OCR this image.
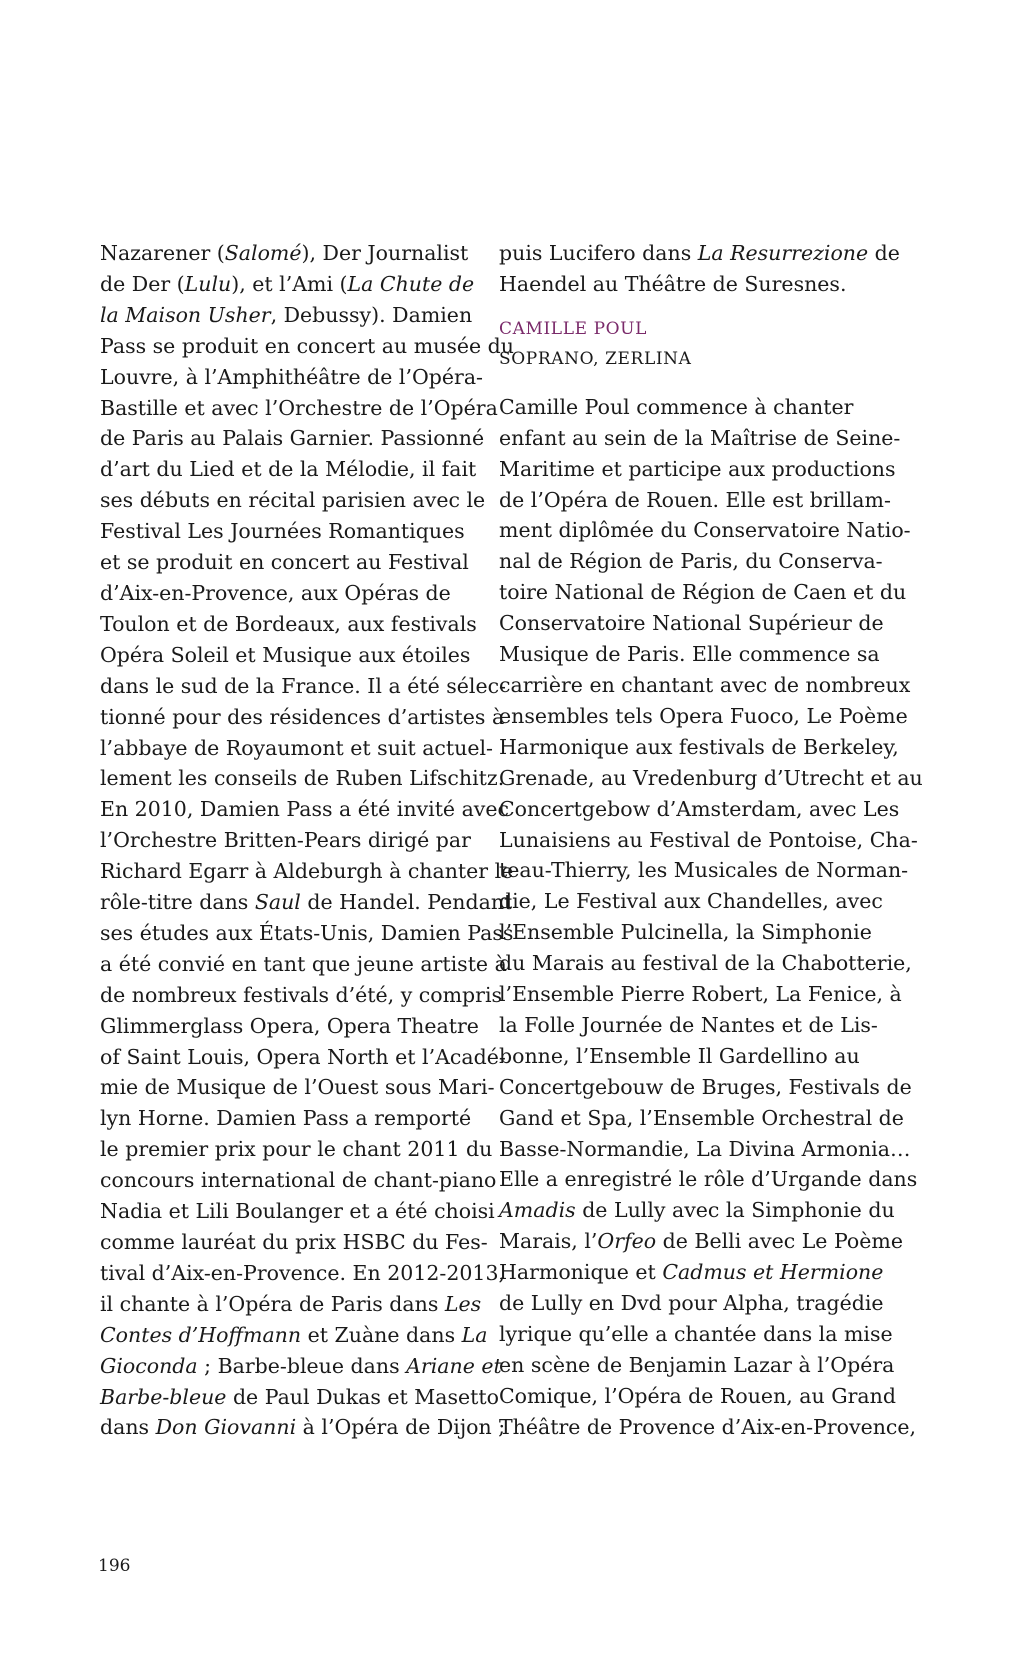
Nazarener (Salomé), Der Journalist
de Der (Lulu), et l’Ami (La Chute de
la Maison Usher, Debussy). Damien
Pass se produit en concert au musée du
Louvre, à l’Amphithéâtre de l’Opéra-
Bastille et avec l’Orchestre de l’Opéra
de Paris au Palais Garnier. Passionné
d’art du Lied et de la Mélodie, il fait
ses débuts en récital parisien avec le
Festival Les Journées Romantiques
et se produit en concert au Festival
d’Aix-en-Provence, aux Opéras de
Toulon et de Bordeaux, aux festivals
Opéra Soleil et Musique aux étoiles
dans le sud de la France. Il a été sélec-
tionné pour des résidences d’artistes à
l’abbaye de Royaumont et suit actuel-
lement les conseils de Ruben Lifschitz.
En 2010, Damien Pass a été invité avec
l’Orchestre Britten-Pears dirigé par
Richard Egarr à Aldeburgh à chanter le
rôle-titre dans Saul de Handel. Pendant
ses études aux États-Unis, Damien Pass
a été convié en tant que jeune artiste à
de nombreux festivals d’été, y compris
Glimmerglass Opera, Opera Theatre
of Saint Louis, Opera North et l’Acadé-
mie de Musique de l’Ouest sous Mari-
lyn Horne. Damien Pass a remporté
le premier prix pour le chant 2011 du
concours international de chant-piano
Nadia et Lili Boulanger et a été choisi
comme lauréat du prix HSBC du Fes-
tival d’Aix-en-Provence. En 2012-2013,
il chante à l’Opéra de Paris dans Les
Contes d’Hoffmann et Zuàne dans La
Gioconda ; Barbe-bleue dans Ariane et
Barbe-bleue de Paul Dukas et Masetto
dans Don Giovanni à l’Opéra de Dijon ;
puis Lucifero dans La Resurrezione de
Haendel au Théâtre de Suresnes.
CAMILLE POUL
SOPRANO, ZERLINA
Camille Poul commence à chanter
enfant au sein de la Maîtrise de Seine-
Maritime et participe aux productions
de l’Opéra de Rouen. Elle est brillam-
ment diplômée du Conservatoire Natio-
nal de Région de Paris, du Conserva-
toire National de Région de Caen et du
Conservatoire National Supérieur de
Musique de Paris. Elle commence sa
carrière en chantant avec de nombreux
ensembles tels Opera Fuoco, Le Poème
Harmonique aux festivals de Berkeley,
Grenade, au Vredenburg d’Utrecht et au
Concertgebow d’Amsterdam, avec Les
Lunaisiens au Festival de Pontoise, Cha-
teau-Thierry, les Musicales de Norman-
die, Le Festival aux Chandelles, avec
l’Ensemble Pulcinella, la Simphonie
du Marais au festival de la Chabotterie,
l’Ensemble Pierre Robert, La Fenice, à
la Folle Journée de Nantes et de Lis-
bonne, l’Ensemble Il Gardellino au
Concertgebouw de Bruges, Festivals de
Gand et Spa, l’Ensemble Orchestral de
Basse-Normandie, La Divina Armonia…
Elle a enregistré le rôle d’Urgande dans
Amadis de Lully avec la Simphonie du
Marais, l’Orfeo de Belli avec Le Poème
Harmonique et Cadmus et Hermione
de Lully en Dvd pour Alpha, tragédie
lyrique qu’elle a chantée dans la mise
en scène de Benjamin Lazar à l’Opéra
Comique, l’Opéra de Rouen, au Grand
Théâtre de Provence d’Aix-en-Provence,
196
